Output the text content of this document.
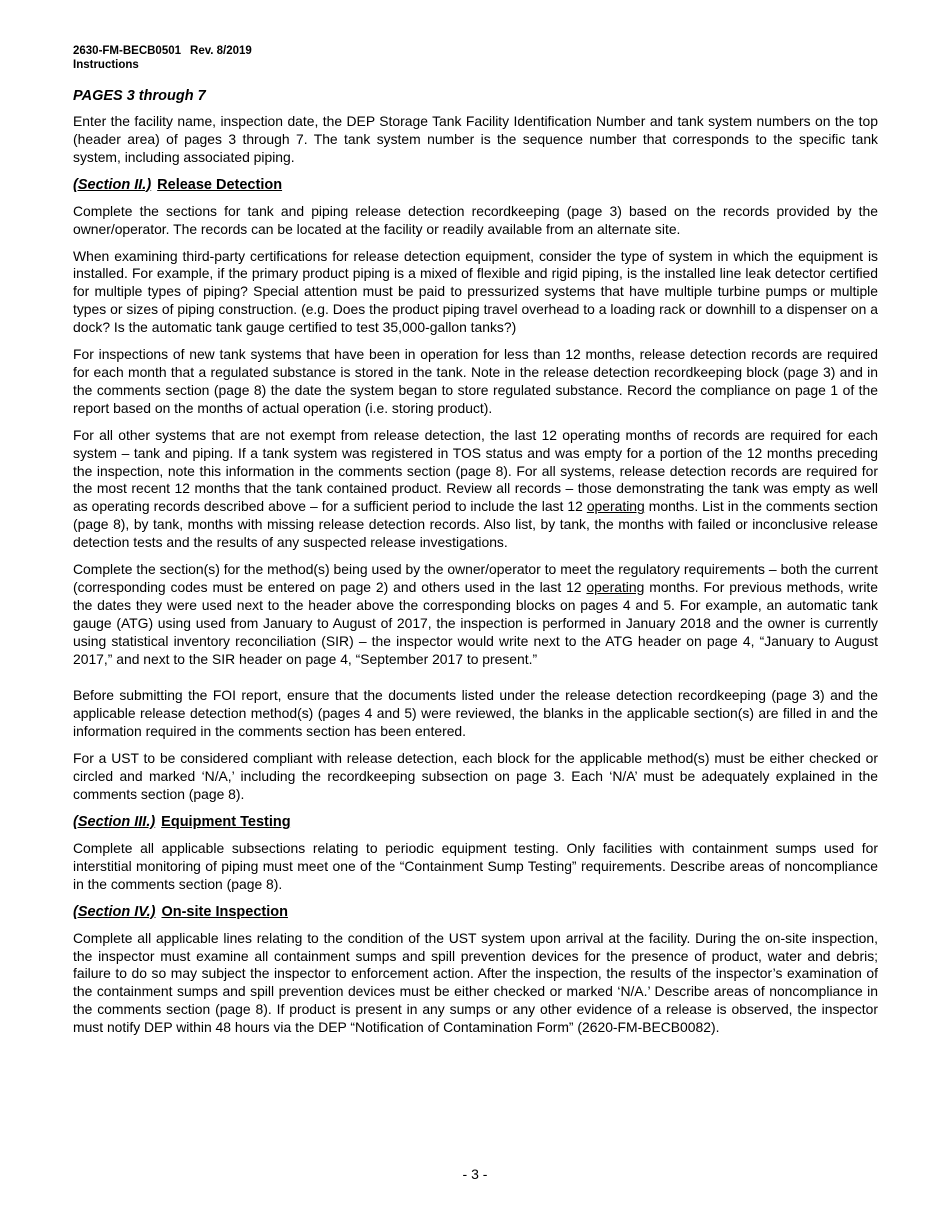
2630-FM-BECB0501 Rev. 8/2019
Instructions
PAGES 3 through 7

Enter the facility name, inspection date, the DEP Storage Tank Facility Identification Number and tank system numbers on the top (header area) of pages 3 through 7. The tank system number is the sequence number that corresponds to the specific tank system, including associated piping.

(Section II.) Release Detection

Complete the sections for tank and piping release detection recordkeeping (page 3) based on the records provided by the owner/operator. The records can be located at the facility or readily available from an alternate site.

When examining third-party certifications for release detection equipment, consider the type of system in which the equipment is installed. For example, if the primary product piping is a mixed of flexible and rigid piping, is the installed line leak detector certified for multiple types of piping? Special attention must be paid to pressurized systems that have multiple turbine pumps or multiple types or sizes of piping construction. (e.g. Does the product piping travel overhead to a loading rack or downhill to a dispenser on a dock? Is the automatic tank gauge certified to test 35,000-gallon tanks?)

For inspections of new tank systems that have been in operation for less than 12 months, release detection records are required for each month that a regulated substance is stored in the tank. Note in the release detection recordkeeping block (page 3) and in the comments section (page 8) the date the system began to store regulated substance. Record the compliance on page 1 of the report based on the months of actual operation (i.e. storing product).

For all other systems that are not exempt from release detection, the last 12 operating months of records are required for each system – tank and piping. If a tank system was registered in TOS status and was empty for a portion of the 12 months preceding the inspection, note this information in the comments section (page 8). For all systems, release detection records are required for the most recent 12 months that the tank contained product. Review all records – those demonstrating the tank was empty as well as operating records described above – for a sufficient period to include the last 12 operating months. List in the comments section (page 8), by tank, months with missing release detection records. Also list, by tank, the months with failed or inconclusive release detection tests and the results of any suspected release investigations.

Complete the section(s) for the method(s) being used by the owner/operator to meet the regulatory requirements – both the current (corresponding codes must be entered on page 2) and others used in the last 12 operating months. For previous methods, write the dates they were used next to the header above the corresponding blocks on pages 4 and 5. For example, an automatic tank gauge (ATG) using used from January to August of 2017, the inspection is performed in January 2018 and the owner is currently using statistical inventory reconciliation (SIR) – the inspector would write next to the ATG header on page 4, “January to August 2017,” and next to the SIR header on page 4, “September 2017 to present.”

Before submitting the FOI report, ensure that the documents listed under the release detection recordkeeping (page 3) and the applicable release detection method(s) (pages 4 and 5) were reviewed, the blanks in the applicable section(s) are filled in and the information required in the comments section has been entered.

For a UST to be considered compliant with release detection, each block for the applicable method(s) must be either checked or circled and marked ‘N/A,’ including the recordkeeping subsection on page 3. Each ‘N/A’ must be adequately explained in the comments section (page 8).

(Section III.) Equipment Testing

Complete all applicable subsections relating to periodic equipment testing. Only facilities with containment sumps used for interstitial monitoring of piping must meet one of the “Containment Sump Testing” requirements. Describe areas of noncompliance in the comments section (page 8).

(Section IV.) On-site Inspection

Complete all applicable lines relating to the condition of the UST system upon arrival at the facility. During the on-site inspection, the inspector must examine all containment sumps and spill prevention devices for the presence of product, water and debris; failure to do so may subject the inspector to enforcement action. After the inspection, the results of the inspector’s examination of the containment sumps and spill prevention devices must be either checked or marked ‘N/A.’ Describe areas of noncompliance in the comments section (page 8). If product is present in any sumps or any other evidence of a release is observed, the inspector must notify DEP within 48 hours via the DEP “Notification of Contamination Form” (2620-FM-BECB0082).

- 3 -
